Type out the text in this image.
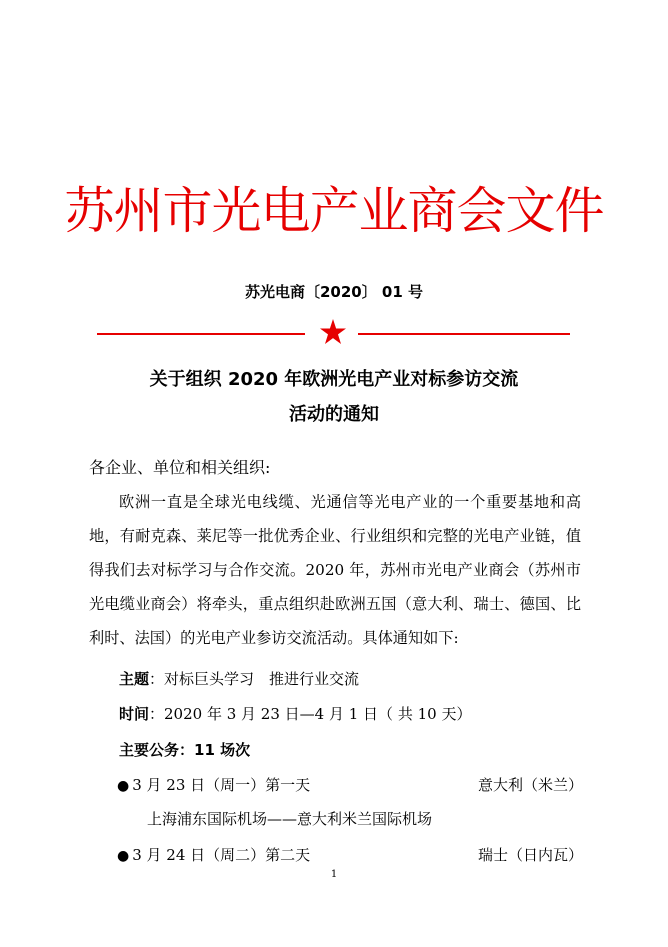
苏州市光电产业商会文件
苏光电商〔2020〕 01 号
关于组织 2020 年欧洲光电产业对标参访交流
活动的通知
各企业、单位和相关组织:
欧洲一直是全球光电线缆、光通信等光电产业的一个重要基地和高地，有耐克森、莱尼等一批优秀企业、行业组织和完整的光电产业链，值得我们去对标学习与合作交流。2020 年，苏州市光电产业商会（苏州市光电缆业商会）将牵头，重点组织赴欧洲五国（意大利、瑞士、德国、比利时、法国）的光电产业参访交流活动。具体通知如下:
主题：对标巨头学习　推进行业交流
时间：2020 年 3 月 23 日—4 月 1 日（ 共 10 天）
主要公务：11 场次
● 3 月 23 日（周一）第一天	意大利（米兰）
上海浦东国际机场——意大利米兰国际机场
● 3 月 24 日（周二）第二天	瑞士（日内瓦）
1
